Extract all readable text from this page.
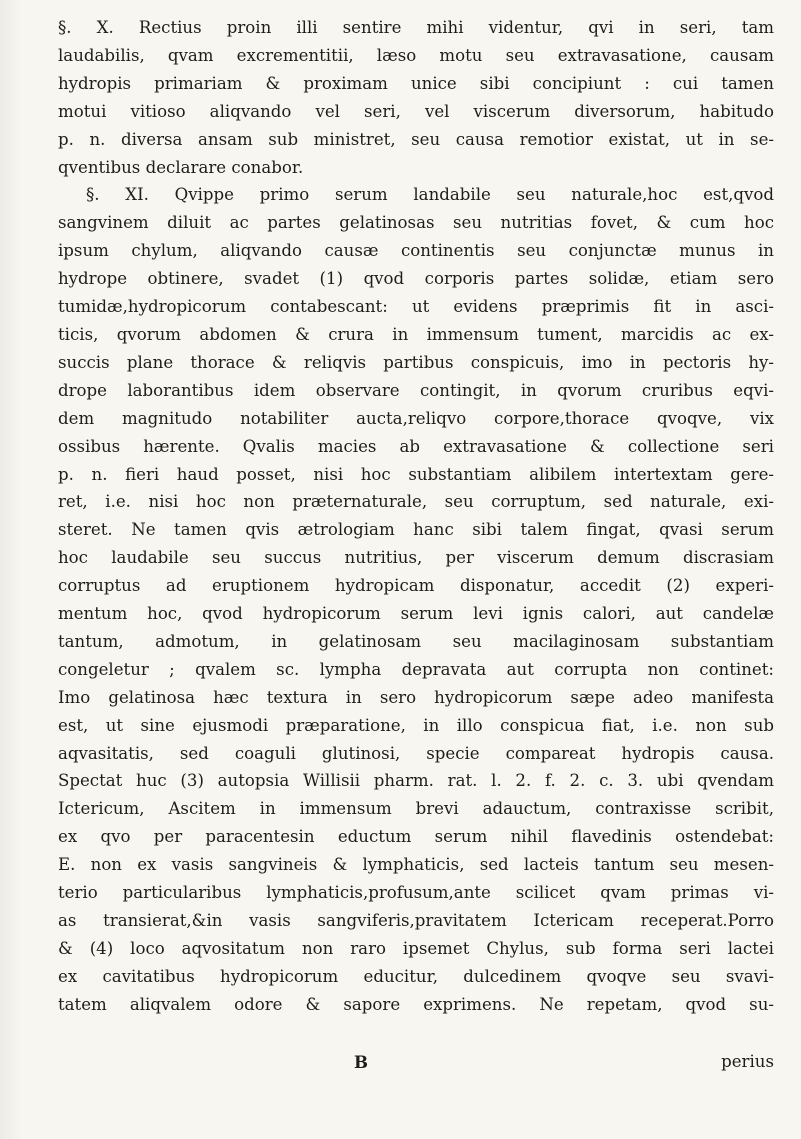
§. X. Rectius proin illi sentire mihi videntur, qvi in seri, tam
laudabilis, qvam excrementitii, læso motu seu extravasatione, causam
hydropis primariam & proximam unice sibi concipiunt : cui tamen
motui vitioso aliqvando vel seri, vel viscerum diversorum, habitudo
p. n. diversa ansam sub ministret, seu causa remotior existat, ut in se-
qventibus declarare conabor.
§. XI. Qvippe primo serum landabile seu naturale,hoc est,qvod
sangvinem diluit ac partes gelatinosas seu nutritias fovet, & cum hoc
ipsum chylum, aliqvando causæ continentis seu conjunctæ munus in
hydrope obtinere, svadet (1) qvod corporis partes solidæ, etiam sero
tumidæ,hydropicorum contabescant: ut evidens præprimis fit in asci-
ticis, qvorum abdomen & crura in immensum tument, marcidis ac ex-
succis plane thorace & reliqvis partibus conspicuis, imo in pectoris hy-
drope laborantibus idem observare contingit, in qvorum cruribus eqvi-
dem magnitudo notabiliter aucta,reliqvo corpore,thorace qvoqve, vix
ossibus hærente. Qvalis macies ab extravasatione & collectione seri
p. n. fieri haud posset, nisi hoc substantiam alibilem intertextam gere-
ret, i.e. nisi hoc non præternaturale, seu corruptum, sed naturale, exi-
steret. Ne tamen qvis ætrologiam hanc sibi talem fingat, qvasi serum
hoc laudabile seu succus nutritius, per viscerum demum discrasiam
corruptus ad eruptionem hydropicam disponatur, accedit (2) experi-
mentum hoc, qvod hydropicorum serum levi ignis calori, aut candelæ
tantum, admotum, in gelatinosam seu macilaginosam substantiam
congeletur ; qvalem sc. lympha depravata aut corrupta non continet:
Imo gelatinosa hæc textura in sero hydropicorum sæpe adeo manifesta
est, ut sine ejusmodi præparatione, in illo conspicua fiat, i.e. non sub
aqvasitatis, sed coaguli glutinosi, specie compareat hydropis causa.
Spectat huc (3) autopsia Willisii pharm. rat. l. 2. f. 2. c. 3. ubi qvendam
Ictericum, Ascitem in immensum brevi adauctum, contraxisse scribit,
ex qvo per paracentesin eductum serum nihil flavedinis ostendebat:
E. non ex vasis sangvineis & lymphaticis, sed lacteis tantum seu mesen-
terio particularibus lymphaticis,profusum,ante scilicet qvam primas vi-
as transierat,&in vasis sangviferis,pravitatem Ictericam receperat.Porro
& (4) loco aqvositatum non raro ipsemet Chylus, sub forma seri lactei
ex cavitatibus hydropicorum educitur, dulcedinem qvoqve seu svavi-
tatem aliqvalem odore & sapore exprimens. Ne repetam, qvod su-
B	perius
